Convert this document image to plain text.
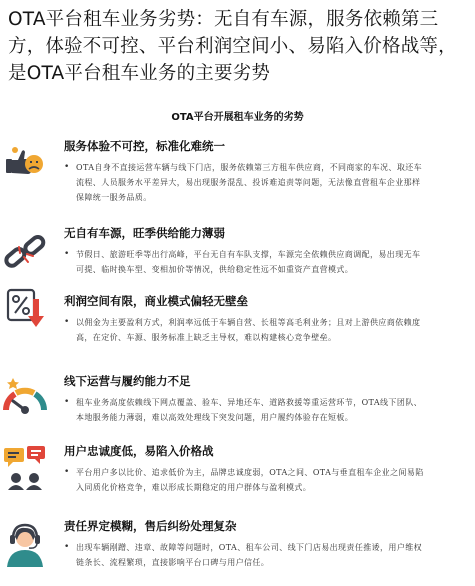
OTA平台租车业务劣势：无自有车源，服务依赖第三方，体验不可控、平台利润空间小、易陷入价格战等，是OTA平台租车业务的主要劣势
OTA平台开展租车业务的劣势
服务体验不可控，标准化难统一
• OTA自身不直接运营车辆与线下门店，服务依赖第三方租车供应商，不同商家的车况、取还车流程、人员服务水平差异大，易出现服务混乱、投诉难追责等问题，无法像直营租车企业那样保障统一服务品质。
无自有车源，旺季供给能力薄弱
• 节假日、旅游旺季等出行高峰，平台无自有车队支撑，车源完全依赖供应商调配，易出现无车可提、临时换车型、变相加价等情况，供给稳定性远不如重资产直营模式。
利润空间有限，商业模式偏轻无壁垒
• 以佣金为主要盈利方式，利润率远低于车辆自营、长租等高毛利业务；且对上游供应商依赖度高，在定价、车源、服务标准上缺乏主导权，难以构建核心竞争壁垒。
线下运营与履约能力不足
• 租车业务高度依赖线下网点覆盖、验车、异地还车、道路救援等重运营环节，OTA线下团队、本地服务能力薄弱，难以高效处理线下突发问题，用户履约体验存在短板。
用户忠诚度低，易陷入价格战
• 平台用户多以比价、追求低价为主，品牌忠诚度弱，OTA之间、OTA与垂直租车企业之间易陷入同质化价格竞争，难以形成长期稳定的用户群体与盈利模式。
责任界定模糊，售后纠纷处理复杂
• 出现车辆剐蹭、违章、故障等问题时，OTA、租车公司、线下门店易出现责任推诿，用户维权链条长、流程繁琐，直接影响平台口碑与用户信任。
